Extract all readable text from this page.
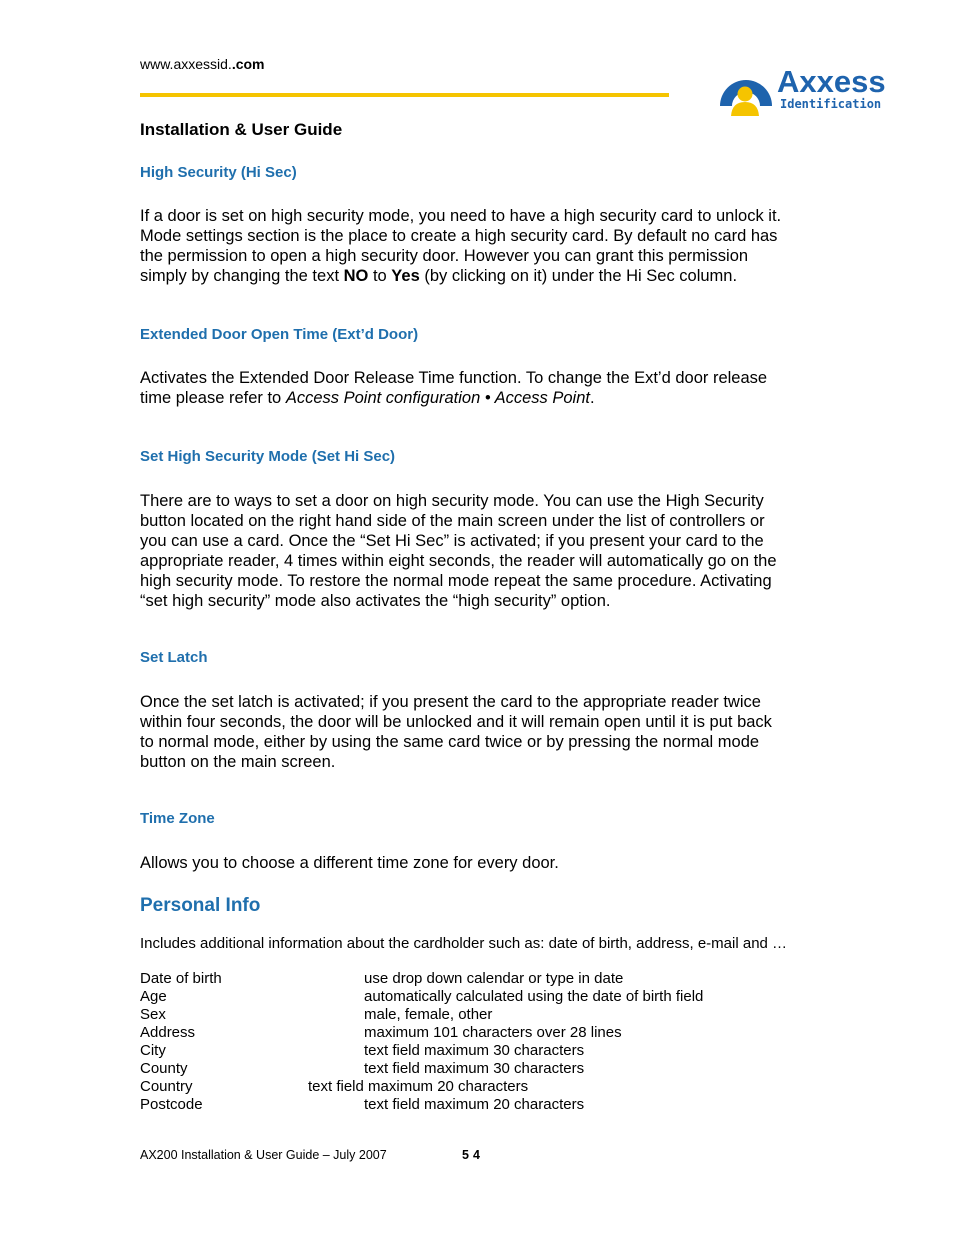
www.axxessid..com	Axxess
Identification
Installation & User Guide
High Security (Hi Sec)
If a door is set on high security mode, you need to have a high security card to unlock it.
Mode settings section is the place to create a high security card. By default no card has
the permission to open a high security door. However you can grant this permission
simply by changing the text NO to Yes (by clicking on it) under the Hi Sec column.
Extended Door Open Time (Ext’d Door)
Activates the Extended Door Release Time function. To change the Ext’d door release
time please refer to Access Point configuration • Access Point.
Set High Security Mode (Set Hi Sec)
There are to ways to set a door on high security mode. You can use the High Security
button located on the right hand side of the main screen under the list of controllers or
you can use a card. Once the “Set Hi Sec” is activated; if you present your card to the
appropriate reader, 4 times within eight seconds, the reader will automatically go on the
high security mode. To restore the normal mode repeat the same procedure. Activating
“set high security” mode also activates the “high security” option.
Set Latch
Once the set latch is activated; if you present the card to the appropriate reader twice
within four seconds, the door will be unlocked and it will remain open until it is put back
to normal mode, either by using the same card twice or by pressing the normal mode
button on the main screen.
Time Zone
Allows you to choose a different time zone for every door.
Personal Info
Includes additional information about the cardholder such as: date of birth, address, e-mail and …
Date of birth	use drop down calendar or type in date
Age	automatically calculated using the date of birth field
Sex	male, female, other
Address	maximum 101 characters over 28 lines
City	text field maximum 30 characters
County	text field maximum 30 characters
Country	text field maximum 20 characters
Postcode	text field maximum 20 characters
AX200 Installation & User Guide – July 2007	54
